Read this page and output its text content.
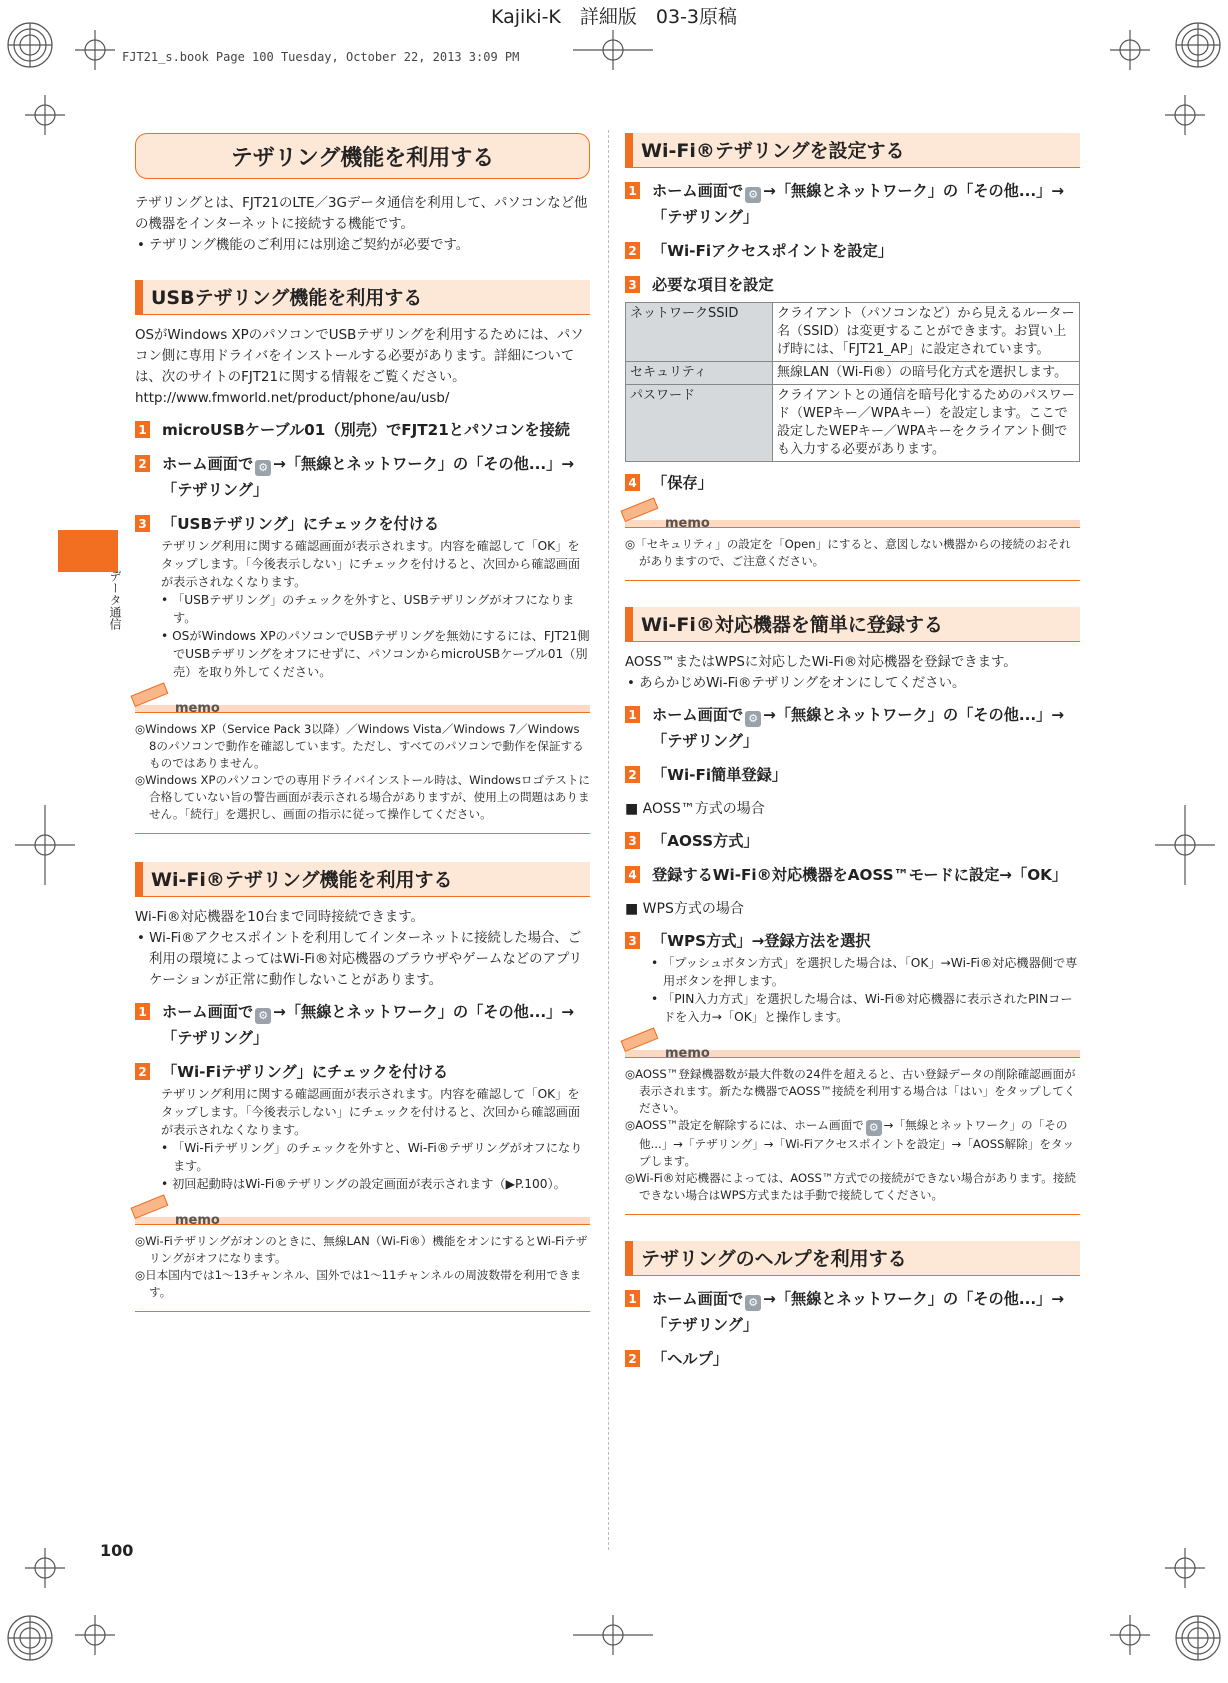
Kajiki-K　詳細版　03-3原稿
FJT21_s.book Page 100 Tuesday, October 22, 2013 3:09 PM
データ通信
100
テザリング機能を利用する

テザリングとは、FJT21のLTE／3Gデータ通信を利用して、パソコンなど他の機器をインターネットに接続する機能です。

• テザリング機能のご利用には別途ご契約が必要です。
USBテザリング機能を利用する

OSがWindows XPのパソコンでUSBテザリングを利用するためには、パソコン側に専用ドライバをインストールする必要があります。詳細については、次のサイトのFJT21に関する情報をご覧ください。

http://www.fmworld.net/product/phone/au/usb/

1 microUSBケーブル01（別売）でFJT21とパソコンを接続
2 ホーム画面で ⚙ →「無線とネットワーク」の「その他...」→「テザリング」
3 「USBテザリング」にチェックを付ける
テザリング利用に関する確認画面が表示されます。内容を確認して「OK」をタップします。「今後表示しない」にチェックを付けると、次回から確認画面が表示されなくなります。
• 「USBテザリング」のチェックを外すと、USBテザリングがオフになります。
• OSがWindows XPのパソコンでUSBテザリングを無効にするには、FJT21側でUSBテザリングをオフにせずに、パソコンからmicroUSBケーブル01（別売）を取り外してください。
memo
◎Windows XP（Service Pack 3以降）／Windows Vista／Windows 7／Windows 8のパソコンで動作を確認しています。ただし、すべてのパソコンで動作を保証するものではありません。
◎Windows XPのパソコンでの専用ドライバインストール時は、Windowsロゴテストに合格していない旨の警告画面が表示される場合がありますが、使用上の問題はありません。「続行」を選択し、画面の指示に従って操作してください。
Wi-Fi®テザリング機能を利用する

Wi-Fi®対応機器を10台まで同時接続できます。

• Wi-Fi®アクセスポイントを利用してインターネットに接続した場合、ご利用の環境によってはWi-Fi®対応機器のブラウザやゲームなどのアプリケーションが正常に動作しないことがあります。
1 ホーム画面で ⚙ →「無線とネットワーク」の「その他...」→「テザリング」
2 「Wi-Fiテザリング」にチェックを付ける
テザリング利用に関する確認画面が表示されます。内容を確認して「OK」をタップします。「今後表示しない」にチェックを付けると、次回から確認画面が表示されなくなります。
• 「Wi-Fiテザリング」のチェックを外すと、Wi-Fi®テザリングがオフになります。
• 初回起動時はWi-Fi®テザリングの設定画面が表示されます（▶P.100）。
memo
◎Wi-Fiテザリングがオンのときに、無線LAN（Wi-Fi®）機能をオンにするとWi-Fiテザリングがオフになります。
◎日本国内では1～13チャンネル、国外では1～11チャンネルの周波数帯を利用できます。
Wi-Fi®テザリングを設定する
1 ホーム画面で ⚙ →「無線とネットワーク」の「その他...」→「テザリング」
2 「Wi-Fiアクセスポイントを設定」
3 必要な項目を設定
ネットワークSSID	クライアント（パソコンなど）から見えるルーター名（SSID）は変更することができます。お買い上げ時には、「FJT21_AP」に設定されています。
セキュリティ	無線LAN（Wi-Fi®）の暗号化方式を選択します。
パスワード	クライアントとの通信を暗号化するためのパスワード（WEPキー／WPAキー）を設定します。ここで設定したWEPキー／WPAキーをクライアント側でも入力する必要があります。
4 「保存」
memo
◎「セキュリティ」の設定を「Open」にすると、意図しない機器からの接続のおそれがありますので、ご注意ください。
Wi-Fi®対応機器を簡単に登録する

AOSS™またはWPSに対応したWi-Fi®対応機器を登録できます。

• あらかじめWi-Fi®テザリングをオンにしてください。
1 ホーム画面で ⚙ →「無線とネットワーク」の「その他...」→「テザリング」
2 「Wi-Fi簡単登録」
■ AOSS™方式の場合
3 「AOSS方式」
4 登録するWi-Fi®対応機器をAOSS™モードに設定→「OK」
■ WPS方式の場合
3 「WPS方式」→登録方法を選択
• 「プッシュボタン方式」を選択した場合は、「OK」→Wi-Fi®対応機器側で専用ボタンを押します。
• 「PIN入力方式」を選択した場合は、Wi-Fi®対応機器に表示されたPINコードを入力→「OK」と操作します。
memo
◎AOSS™登録機器数が最大件数の24件を超えると、古い登録データの削除確認画面が表示されます。新たな機器でAOSS™接続を利用する場合は「はい」をタップしてください。
◎AOSS™設定を解除するには、ホーム画面で ⚙ →「無線とネットワーク」の「その他...」→「テザリング」→「Wi-Fiアクセスポイントを設定」→「AOSS解除」をタップします。
◎Wi-Fi®対応機器によっては、AOSS™方式での接続ができない場合があります。接続できない場合はWPS方式または手動で接続してください。
テザリングのヘルプを利用する
1 ホーム画面で ⚙ →「無線とネットワーク」の「その他...」→「テザリング」
2 「ヘルプ」
